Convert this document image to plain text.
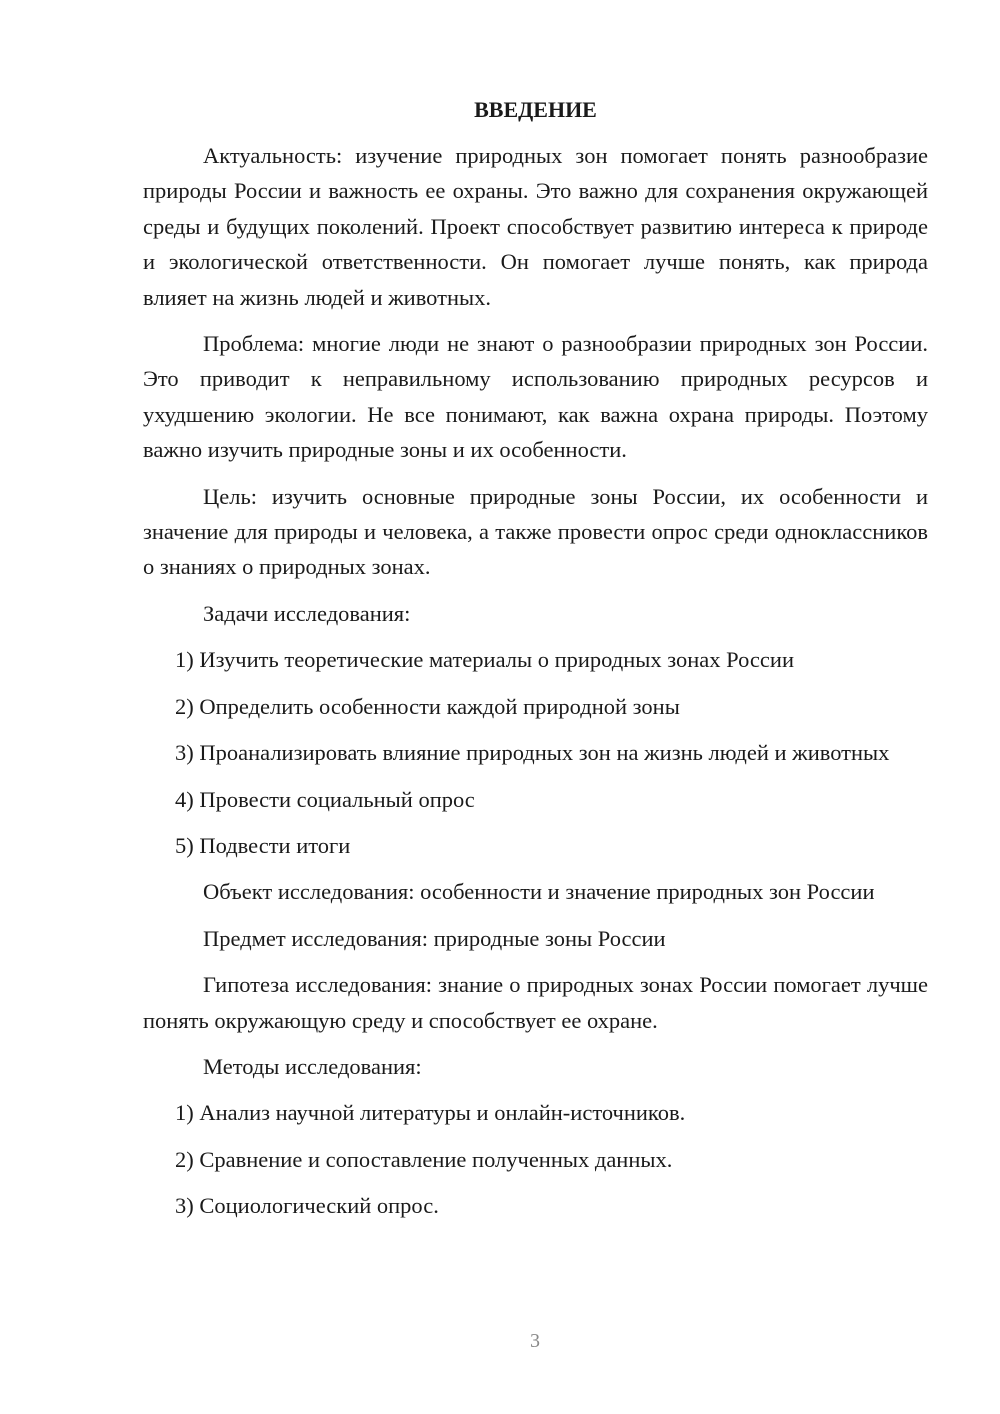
ВВЕДЕНИЕ

Актуальность: изучение природных зон помогает понять разнообразие природы России и важность ее охраны. Это важно для сохранения окружающей среды и будущих поколений. Проект способствует развитию интереса к природе и экологической ответственности. Он помогает лучше понять, как природа влияет на жизнь людей и животных.

Проблема: многие люди не знают о разнообразии природных зон России. Это приводит к неправильному использованию природных ресурсов и ухудшению экологии. Не все понимают, как важна охрана природы. Поэтому важно изучить природные зоны и их особенности.

Цель: изучить основные природные зоны России, их особенности и значение для природы и человека, а также провести опрос среди одноклассников о знаниях о природных зонах.

Задачи исследования:

1) Изучить теоретические материалы о природных зонах России

2) Определить особенности каждой природной зоны

3) Проанализировать влияние природных зон на жизнь людей и животных

4) Провести социальный опрос

5) Подвести итоги

Объект исследования: особенности и значение природных зон России

Предмет исследования: природные зоны России

Гипотеза исследования: знание о природных зонах России помогает лучше понять окружающую среду и способствует ее охране.

Методы исследования:

1) Анализ научной литературы и онлайн-источников.

2) Сравнение и сопоставление полученных данных.

3) Социологический опрос.

3
